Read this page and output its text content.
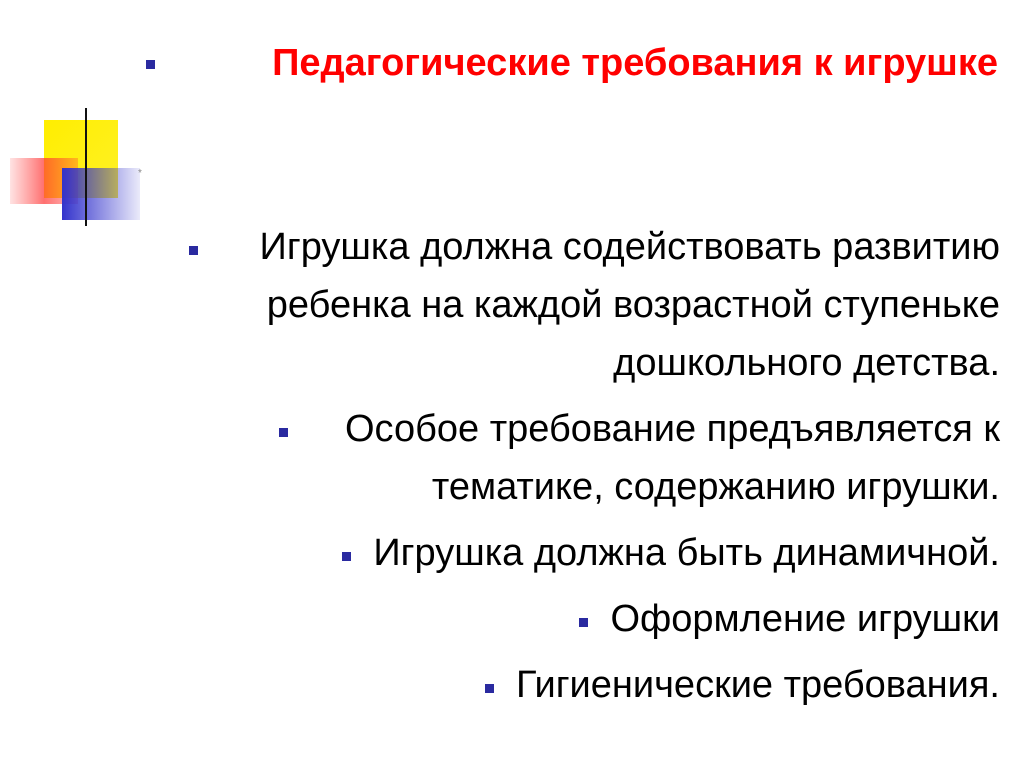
*
Педагогические требования к игрушке
Игрушка должна содействовать развитию ребенка на каждой возрастной ступеньке дошкольного детства.
Особое требование предъявляется к тематике, содержанию игрушки.
Игрушка должна быть динамичной.
Оформление игрушки
Гигиенические требования.
